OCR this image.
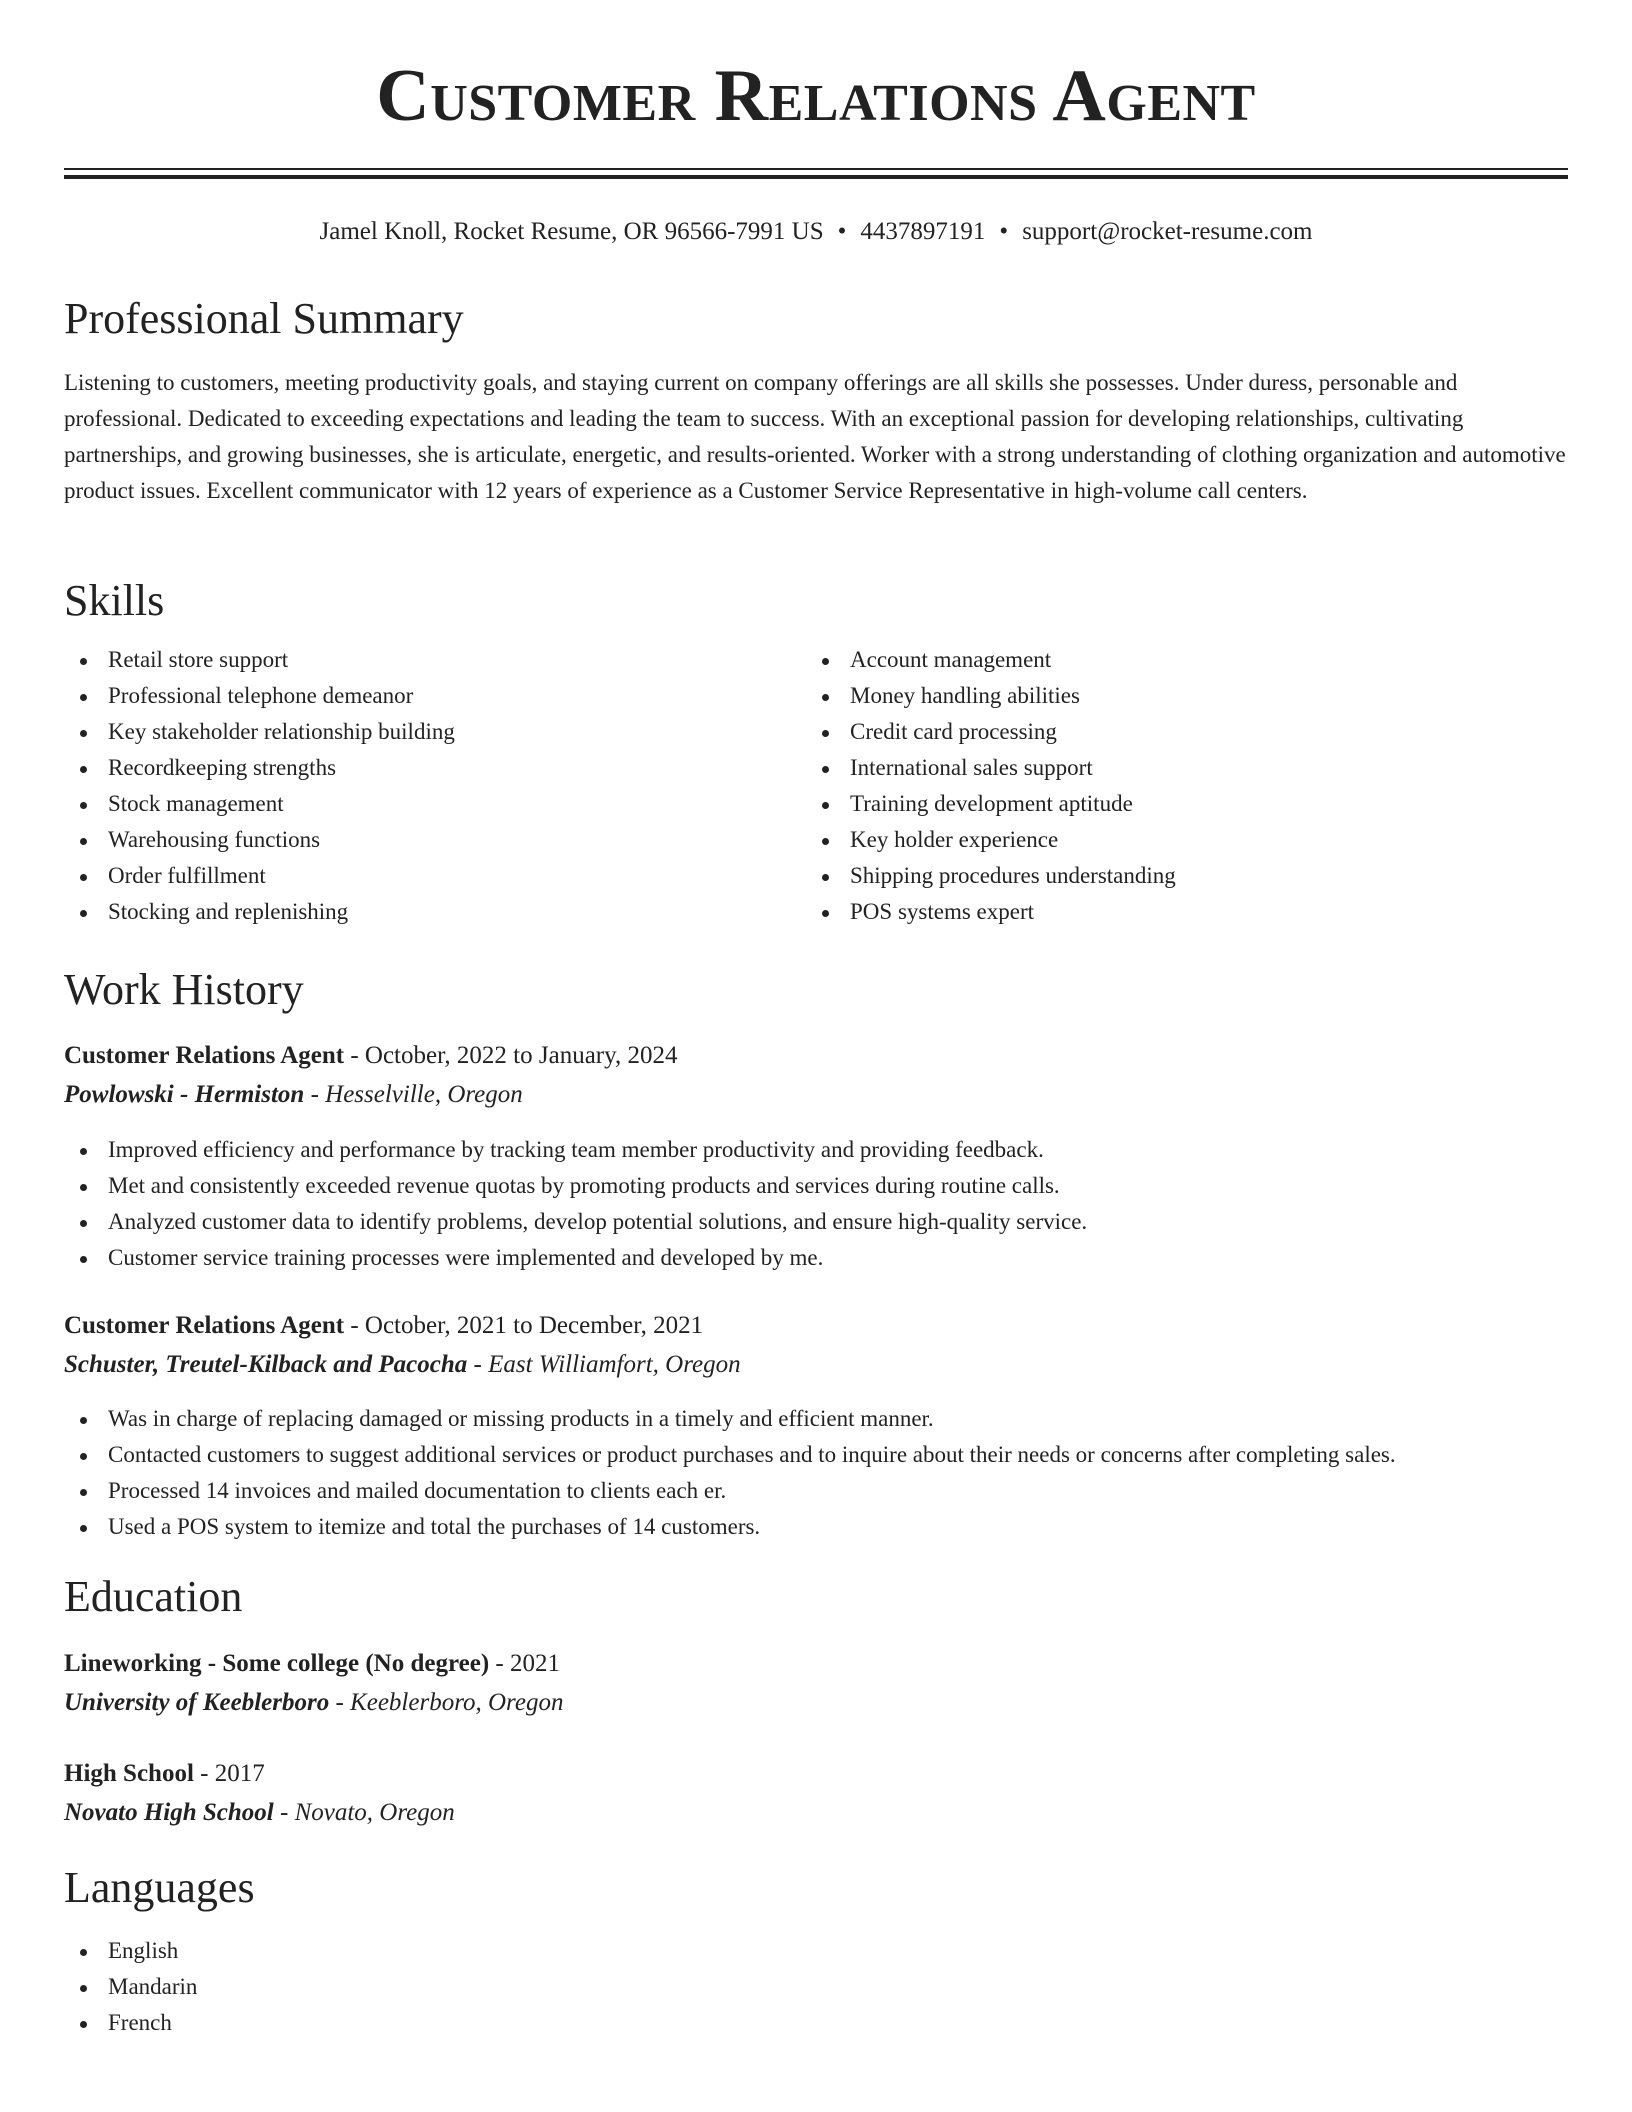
Customer Relations Agent
Jamel Knoll, Rocket Resume, OR 96566-7991 US • 4437897191 • support@rocket-resume.com
Professional Summary

Listening to customers, meeting productivity goals, and staying current on company offerings are all skills she possesses. Under duress, personable and professional. Dedicated to exceeding expectations and leading the team to success. With an exceptional passion for developing relationships, cultivating partnerships, and growing businesses, she is articulate, energetic, and results-oriented. Worker with a strong understanding of clothing organization and automotive product issues. Excellent communicator with 12 years of experience as a Customer Service Representative in high-volume call centers.

Skills
Retail store support
Professional telephone demeanor
Key stakeholder relationship building
Recordkeeping strengths
Stock management
Warehousing functions
Order fulfillment
Stocking and replenishing
Account management
Money handling abilities
Credit card processing
International sales support
Training development aptitude
Key holder experience
Shipping procedures understanding
POS systems expert
Work History
Customer Relations Agent - October, 2022 to January, 2024
Powlowski - Hermiston - Hesselville, Oregon
Improved efficiency and performance by tracking team member productivity and providing feedback.
Met and consistently exceeded revenue quotas by promoting products and services during routine calls.
Analyzed customer data to identify problems, develop potential solutions, and ensure high-quality service.
Customer service training processes were implemented and developed by me.
Customer Relations Agent - October, 2021 to December, 2021
Schuster, Treutel-Kilback and Pacocha - East Williamfort, Oregon
Was in charge of replacing damaged or missing products in a timely and efficient manner.
Contacted customers to suggest additional services or product purchases and to inquire about their needs or concerns after completing sales.
Processed 14 invoices and mailed documentation to clients each er.
Used a POS system to itemize and total the purchases of 14 customers.
Education
Lineworking - Some college (No degree) - 2021
University of Keeblerboro - Keeblerboro, Oregon
High School - 2017
Novato High School - Novato, Oregon
Languages
English
Mandarin
French
